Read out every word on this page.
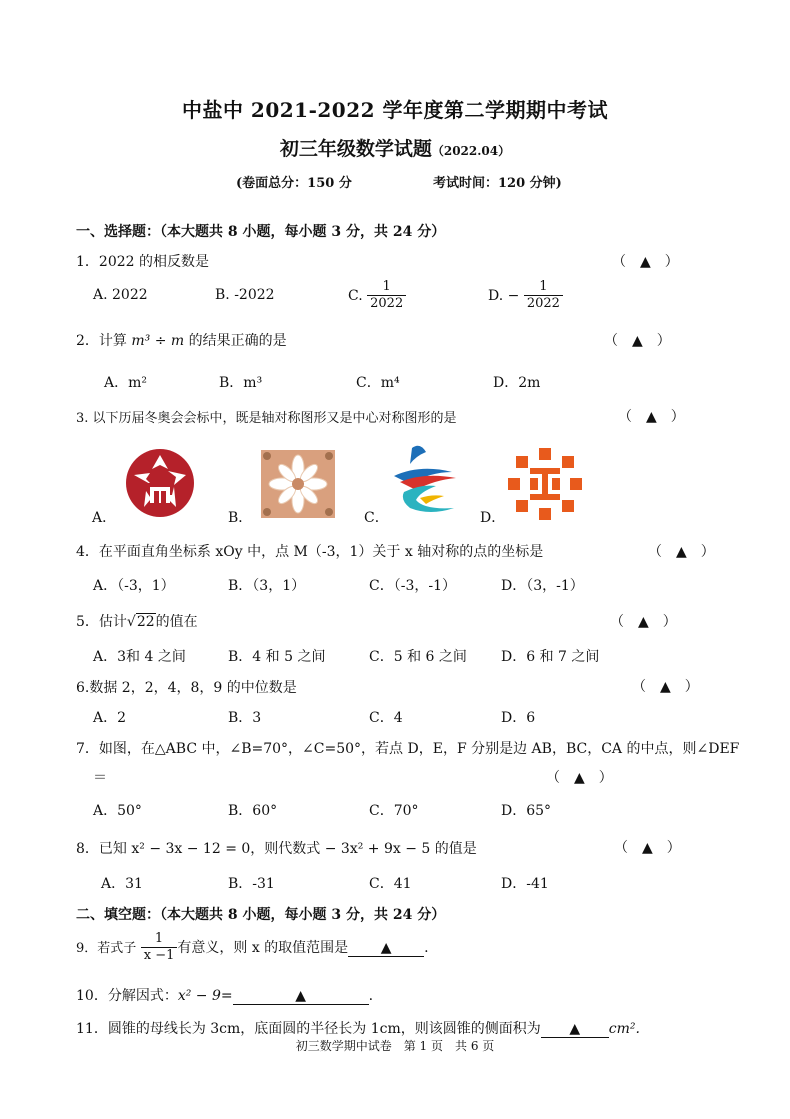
中盐中 2021-2022 学年度第二学期期中考试
初三年级数学试题（2022.04）
(卷面总分：150 分	考试时间：120 分钟)
一、选择题：（本大题共 8 小题，每小题 3 分，共 24 分）
1．2022 的相反数是	（　▲　）
A. 2022	B. -2022	C. $\frac{1}{2022}$	D. − $\frac{1}{2022}$
2．计算 m³ ÷ m 的结果正确的是	（　▲　）
A．m²	B．m³	C．m⁴	D．2m
3. 以下历届冬奥会会标中，既是轴对称图形又是中心对称图形的是	（　▲　）
A．	B．	C．	D．
4．在平面直角坐标系 xOy 中，点 M（-3，1）关于 x 轴对称的点的坐标是	（　▲　）
A．（-3，1）	B．（3，1）	C．（-3，-1）	D．（3，-1）
5．估计√22的值在	（　▲　）
A．3和 4 之间	B．4 和 5 之间	C．5 和 6 之间 D．6 和 7 之间
6.数据 2，2，4，8，9 的中位数是	（　▲　）
A．2	B．3	C．4	D．6
7．如图，在△ABC 中，∠B=70°，∠C=50°，若点 D，E，F 分别是边 AB，BC，CA 的中点，则∠DEF
＝	（　▲　）
A．50°	B．60°	C．70°	D．65°
8．已知 x² − 3x − 12 = 0，则代数式 − 3x² + 9x − 5 的值是	（　▲　）
A．31	B．-31	C．41	D．-41
二、填空题：（本大题共 8 小题，每小题 3 分，共 24 分）
9．若式子 $\frac{1}{x -1}$ 有意义，则 x 的取值范围是 ▲ .
10．分解因式：x² − 9=	▲	.
11．圆锥的母线长为 3cm，底面圆的半径长为 1cm，则该圆锥的侧面积为 ▲ cm².
初三数学期中试卷　第 1 页　共 6 页
